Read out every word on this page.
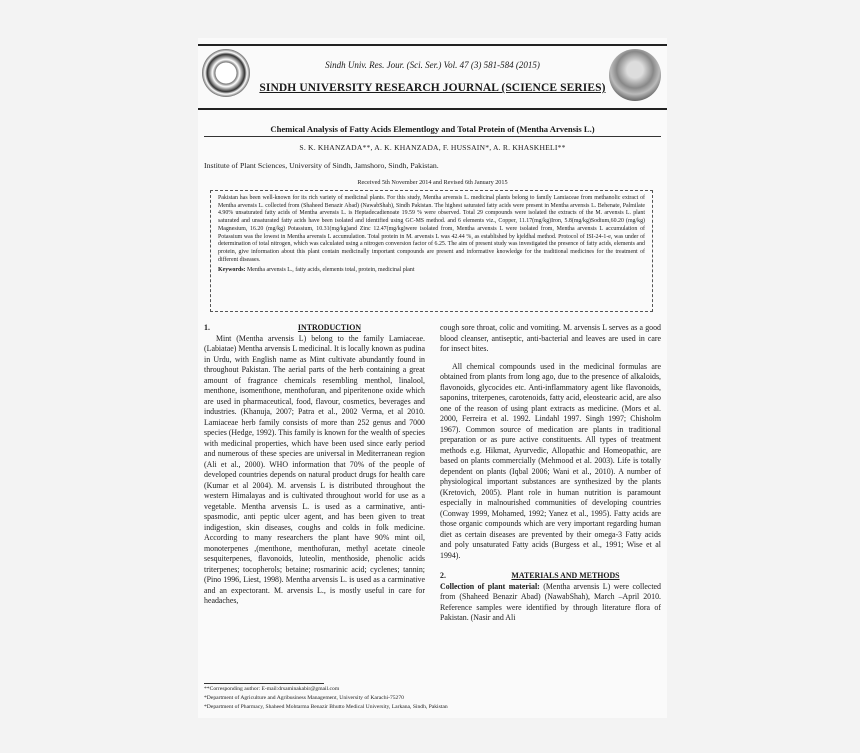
Sindh Univ. Res. Jour. (Sci. Ser.) Vol. 47 (3) 581-584 (2015)
SINDH UNIVERSITY RESEARCH JOURNAL (SCIENCE SERIES)
Chemical Analysis of Fatty Acids Elementlogy and Total Protein of (Mentha Arvensis L.)
S. K. KHANZADA**, A. K. KHANZADA, F. HUSSAIN*, A. R. KHASKHELI**
Institute of Plant Sciences, University of Sindh, Jamshoro, Sindh, Pakistan.
Received 5th November 2014 and Revised 6th January 2015
Pakistan has been well-known for its rich variety of medicinal plants. For this study, Mentha arvensis L. medicinal plants belong to family Lamiaceae from methanolic extract of Mentha arvensis L. collected from (Shaheed Benazir Abad) (NawabShah), Sindh Pakistan. The highest saturated fatty acids were present in Mentha arvensis L. Behenate, Palmilate 4.90% unsaturated fatty acids of Mentha arvensis L. is Heptadecadienoate 19.59 % were observed. Total 29 compounds were isolated the extracts of the M. arvensis L. plant saturated and unsaturated fatty acids have been isolated and identified using GC-MS method. and 6 elements viz., Copper, 11.17(mg/kg)Iron, 5.8(mg/kg)Sodium,60.20 (mg/kg) Magnesium, 16.20 (mg/kg) Potassium, 10.31(mg/kg)and Zinc 12.47(mg/kg)were isolated from, Mentha arvensis L were isolated from, Mentha arvensis L accumulation of Potassium was the lowest in Mentha arvensis L accumulation. Total protein in M. arvensis L was 42.44 %, as established by kjeldhal method. Protocol of ISI-24-1-e, was under of determination of total nitrogen, which was calculated using a nitrogen conversion factor of 6.25. The aim of present study was investigated the presence of fatty acids, elements and protein, give information about this plant contain medicinally important compounds are present and informative knowledge for the traditional medicines for the treatment of different diseases.
Keywords: Mentha arvensis L., fatty acids, elements total, protein, medicinal plant
1.	INTRODUCTION

Mint (Mentha arvensis L) belong to the family Lamiaceae. (Labiatae) Mentha arvensis L medicinal. It is locally known as pudina in Urdu, with English name as Mint cultivate abundantly found in throughout Pakistan. The aerial parts of the herb containing a great amount of fragrance chemicals resembling menthol, linalool, menthone, isomenthone, menthofuran, and piperitenone oxide which are used in pharmaceutical, food, flavour, cosmetics, beverages and industries. (Khanuja, 2007; Patra et al., 2002 Verma, et al 2010. Lamiaceae herb family consists of more than 252 genus and 7000 species (Hedge, 1992). This family is known for the wealth of species with medicinal properties, which have been used since early period and numerous of these species are universal in Mediterranean region (Ali et al., 2000). WHO information that 70% of the people of developed countries depends on natural product drugs for health care (Kumar et al 2004). M. arvensis L is distributed throughout the western Himalayas and is cultivated throughout world for use as a vegetable. Mentha arvensis L. is used as a carminative, anti-spasmodic, anti peptic ulcer agent, and has been given to treat indigestion, skin diseases, coughs and colds in folk medicine. According to many researchers the plant have 90% mint oil, monoterpenes ,(menthone, menthofuran, methyl acetate cineole sesquiterpenes, flavonoids, luteolin, menthoside, phenolic acids triterpenes; tocopherols; betaine; rosmarinic acid; cyclenes; tannin; (Pino 1996, Liest, 1998). Mentha arvensis L. is used as a carminative and an expectorant. M. arvensis L., is mostly useful in care for headaches,

cough sore throat, colic and vomiting. M. arvensis L serves as a good blood cleanser, antiseptic, anti-bacterial and leaves are used in care for insect bites.

All chemical compounds used in the medicinal formulas are obtained from plants from long ago, due to the presence of alkaloids, flavonoids, glycocides etc. Anti-inflammatory agent like flavonoids, saponins, triterpenes, carotenoids, fatty acid, eleostearic acid, are also one of the reason of using plant extracts as medicine. (Mors et al. 2000, Ferreira et al. 1992. Lindahl 1997. Singh 1997; Chisholm 1967). Common source of medication are plants in traditional preparation or as pure active constituents. All types of treatment methods e.g. Hikmat, Ayurvedic, Allopathic and Homeopathic, are based on plants commercially (Mehmood et al. 2003). Life is totally dependent on plants (Iqbal 2006; Wani et al., 2010). A number of physiological important substances are synthesized by the plants (Kretovich, 2005). Plant role in human nutrition is paramount especially in malnourished communities of developing countries (Conway 1999, Mohamed, 1992; Yanez et al., 1995). Fatty acids are those organic compounds which are very important regarding human diet as certain diseases are prevented by their omega-3 Fatty acids and poly unsaturated Fatty acids (Burgess et al., 1991; Wise et al 1994).

2.	MATERIALS AND METHODS

Collection of plant material: (Mentha arvensis L) were collected from (Shaheed Benazir Abad) (NawabShah), March –April 2010. Reference samples were identified by through literature flora of Pakistan. (Nasir and Ali

**Corresponding author: E-mail:drsaminakabir@gmail.com
*Department of Agriculture and Agribusiness Management, University of Karachi-75270
*Department of Pharmacy, Shaheed Mohtarma Benazir Bhutto Medical University, Larkana, Sindh, Pakistan
